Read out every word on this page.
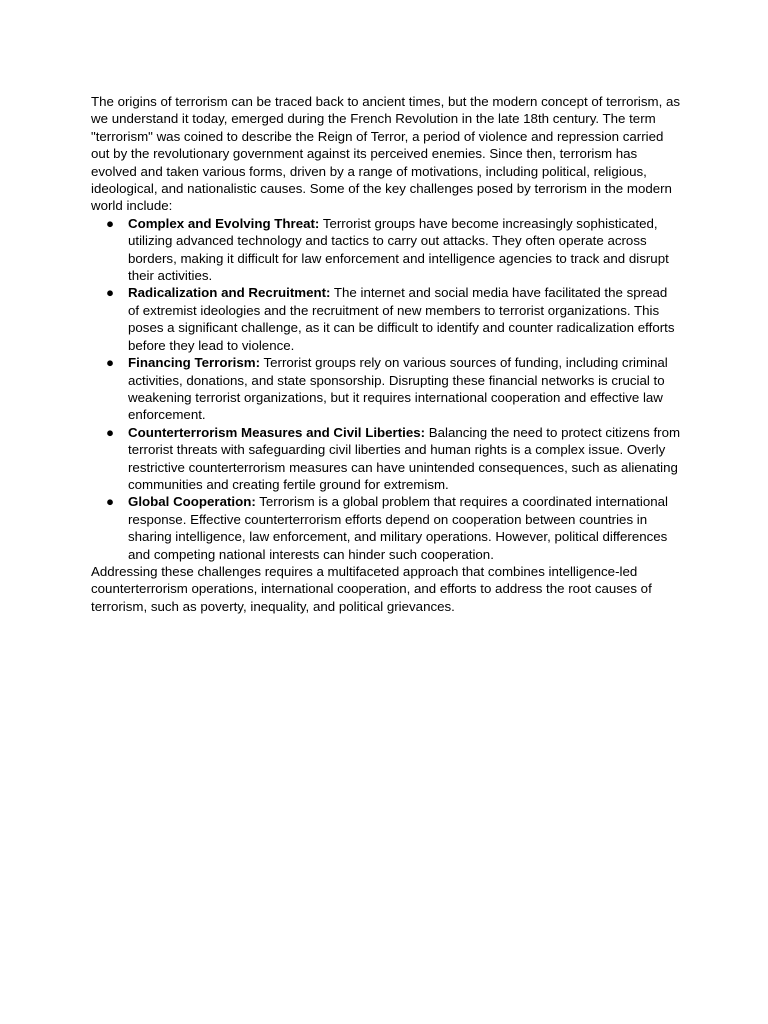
The origins of terrorism can be traced back to ancient times, but the modern concept of terrorism, as we understand it today, emerged during the French Revolution in the late 18th century. The term "terrorism" was coined to describe the Reign of Terror, a period of violence and repression carried out by the revolutionary government against its perceived enemies. Since then, terrorism has evolved and taken various forms, driven by a range of motivations, including political, religious, ideological, and nationalistic causes. Some of the key challenges posed by terrorism in the modern world include:

● Complex and Evolving Threat: Terrorist groups have become increasingly sophisticated, utilizing advanced technology and tactics to carry out attacks. They often operate across borders, making it difficult for law enforcement and intelligence agencies to track and disrupt their activities.
● Radicalization and Recruitment: The internet and social media have facilitated the spread of extremist ideologies and the recruitment of new members to terrorist organizations. This poses a significant challenge, as it can be difficult to identify and counter radicalization efforts before they lead to violence.
● Financing Terrorism: Terrorist groups rely on various sources of funding, including criminal activities, donations, and state sponsorship. Disrupting these financial networks is crucial to weakening terrorist organizations, but it requires international cooperation and effective law enforcement.
● Counterterrorism Measures and Civil Liberties: Balancing the need to protect citizens from terrorist threats with safeguarding civil liberties and human rights is a complex issue. Overly restrictive counterterrorism measures can have unintended consequences, such as alienating communities and creating fertile ground for extremism.
● Global Cooperation: Terrorism is a global problem that requires a coordinated international response. Effective counterterrorism efforts depend on cooperation between countries in sharing intelligence, law enforcement, and military operations. However, political differences and competing national interests can hinder such cooperation.

Addressing these challenges requires a multifaceted approach that combines intelligence-led counterterrorism operations, international cooperation, and efforts to address the root causes of terrorism, such as poverty, inequality, and political grievances.
